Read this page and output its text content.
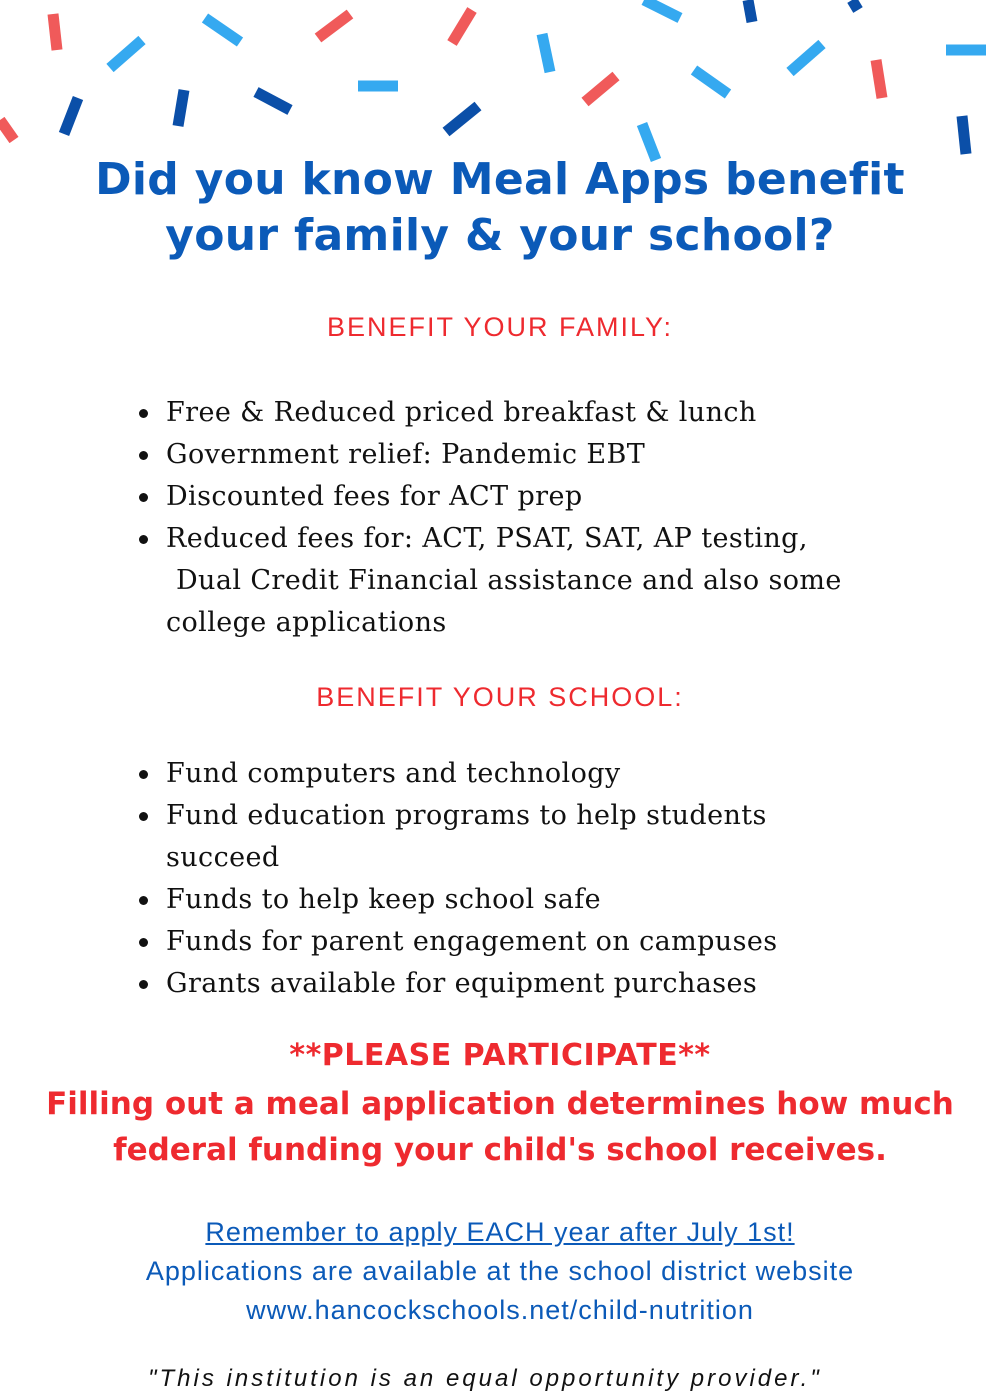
Did you know Meal Apps benefit
your family & your school?
BENEFIT YOUR FAMILY:
Free & Reduced priced breakfast & lunch
Government relief: Pandemic EBT
Discounted fees for ACT prep
Reduced fees for: ACT, PSAT, SAT, AP testing,
Dual Credit Financial assistance and also some
college applications
BENEFIT YOUR SCHOOL:
Fund computers and technology
Fund education programs to help students succeed
Funds to help keep school safe
Funds for parent engagement on campuses
Grants available for equipment purchases
**PLEASE PARTICIPATE**
Filling out a meal application determines how much
federal funding your child's school receives.
Remember to apply EACH year after July 1st!
Applications are available at the school district website
www.hancockschools.net/child-nutrition
"This institution is an equal opportunity provider."
